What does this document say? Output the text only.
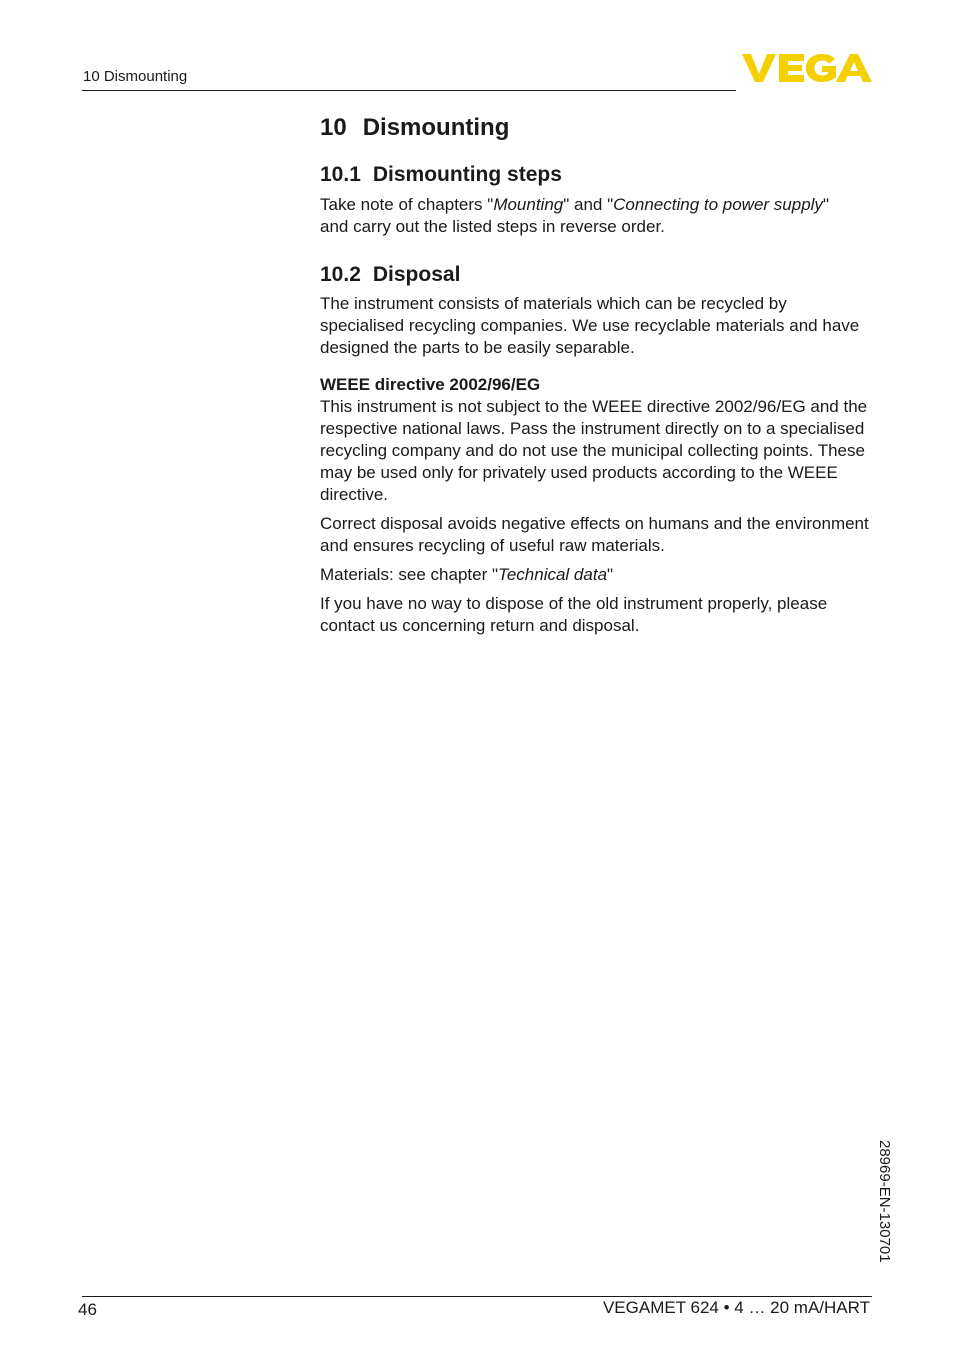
10 Dismounting
10 Dismounting
10.1 Dismounting steps

Take note of chapters "Mounting" and "Connecting to power supply"
and carry out the listed steps in reverse order.

10.2 Disposal

The instrument consists of materials which can be recycled by specialised recycling companies. We use recyclable materials and have designed the parts to be easily separable.

WEEE directive 2002/96/EG

This instrument is not subject to the WEEE directive 2002/96/EG and the respective national laws. Pass the instrument directly on to a specialised recycling company and do not use the municipal collecting points. These may be used only for privately used products according to the WEEE directive.

Correct disposal avoids negative effects on humans and the environment and ensures recycling of useful raw materials.

Materials: see chapter "Technical data"

If you have no way to dispose of the old instrument properly, please contact us concerning return and disposal.

28969-EN-130701
46	VEGAMET 624 • 4 … 20 mA/HART
